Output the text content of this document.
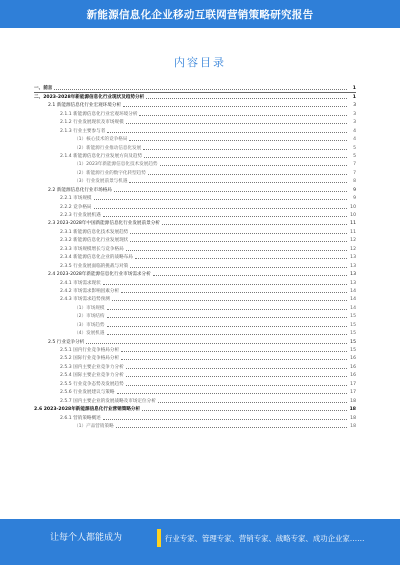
新能源信息化企业移动互联网营销策略研究报告
内容目录
一、前言	1
二、2023-2028年新能源信息化行业现状及趋势分析	1
2.1 新能源信息化行业宏观环境分析	3
2.1.1 新能源信息化行业宏观环境分析	3
2.1.2 行业发展现状及市场规模	3
2.1.3 行业主要参与者	4
（1）核心技术的竞争格局	4
（2）新能源行业推动信息化发展	5
2.1.4 新能源信息化行业发展方向及趋势	5
（1）2023年新能源信息化技术发展趋势	7
（2）新能源行业的数字化转型趋势	7
（3）行业发展前景与机遇	8
2.2 新能源信息化行业市场格局	9
2.2.1 市场规模	9
2.2.2 竞争格局	10
2.2.3 行业发展机遇	10
2.3 2023-2028年中国新能源信息化行业发展前景分析	11
2.3.1 新能源信息化技术发展趋势	11
2.3.2 新能源信息化行业发展现状	12
2.3.3 市场规模增长与竞争格局	12
2.3.4 新能源信息化企业的战略布局	13
2.3.5 行业发展面临的挑战与对策	13
2.4 2023-2028年新能源信息化行业市场需求分析	13
2.4.1 市场需求现状	13
2.4.2 市场需求影响因素分析	14
2.4.3 市场需求趋势预测	14
（1）市场规模	14
（2）市场结构	15
（3）市场趋势	15
（4）发展机遇	15
2.5 行业竞争分析	15
2.5.1 国内行业竞争格局分析	15
2.5.2 国际行业竞争格局分析	16
2.5.3 国内主要企业竞争力分析	16
2.5.4 国际主要企业竞争力分析	16
2.5.5 行业竞争态势及发展趋势	17
2.5.6 行业发展建议与策略	17
2.5.7 国内主要企业的发展战略及市场定位分析	18
2.6 2023-2028年新能源信息化行业营销策略分析	18
2.6.1 营销策略概述	18
（1）产品营销策略	18
让每个人都能成为	行业专家、管理专家、营销专家、战略专家、成功企业家……
